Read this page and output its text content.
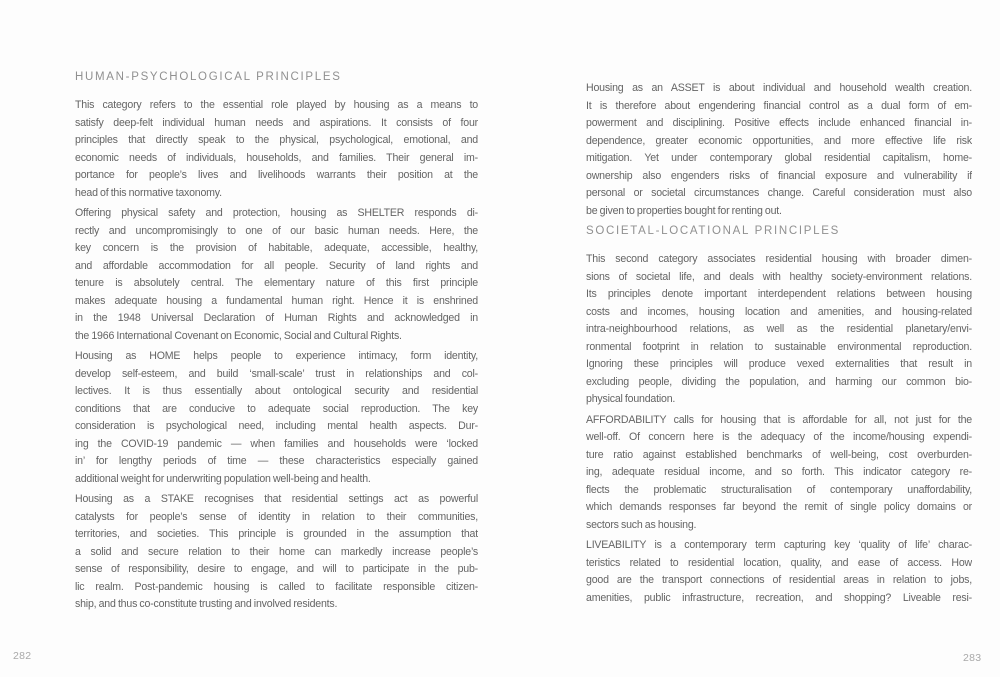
HUMAN-PSYCHOLOGICAL PRINCIPLES
This category refers to the essential role played by housing as a means to
satisfy deep-felt individual human needs and aspirations. It consists of four
principles that directly speak to the physical, psychological, emotional, and
economic needs of individuals, households, and families. Their general im-
portance for people’s lives and livelihoods warrants their position at the
head of this normative taxonomy.
Offering physical safety and protection, housing as SHELTER responds di-
rectly and uncompromisingly to one of our basic human needs. Here, the
key concern is the provision of habitable, adequate, accessible, healthy,
and affordable accommodation for all people. Security of land rights and
tenure is absolutely central. The elementary nature of this first principle
makes adequate housing a fundamental human right. Hence it is enshrined
in the 1948 Universal Declaration of Human Rights and acknowledged in
the 1966 International Covenant on Economic, Social and Cultural Rights.
Housing as HOME helps people to experience intimacy, form identity,
develop self-esteem, and build ‘small-scale’ trust in relationships and col-
lectives. It is thus essentially about ontological security and residential
conditions that are conducive to adequate social reproduction. The key
consideration is psychological need, including mental health aspects. Dur-
ing the COVID-19 pandemic — when families and households were ‘locked
in’ for lengthy periods of time — these characteristics especially gained
additional weight for underwriting population well-being and health.
Housing as a STAKE recognises that residential settings act as powerful
catalysts for people’s sense of identity in relation to their communities,
territories, and societies. This principle is grounded in the assumption that
a solid and secure relation to their home can markedly increase people’s
sense of responsibility, desire to engage, and will to participate in the pub-
lic realm. Post-pandemic housing is called to facilitate responsible citizen-
ship, and thus co-constitute trusting and involved residents.
Housing as an ASSET is about individual and household wealth creation.
It is therefore about engendering financial control as a dual form of em-
powerment and disciplining. Positive effects include enhanced financial in-
dependence, greater economic opportunities, and more effective life risk
mitigation. Yet under contemporary global residential capitalism, home-
ownership also engenders risks of financial exposure and vulnerability if
personal or societal circumstances change. Careful consideration must also
be given to properties bought for renting out.
SOCIETAL-LOCATIONAL PRINCIPLES
This second category associates residential housing with broader dimen-
sions of societal life, and deals with healthy society-environment relations.
Its principles denote important interdependent relations between housing
costs and incomes, housing location and amenities, and housing-related
intra-neighbourhood relations, as well as the residential planetary/envi-
ronmental footprint in relation to sustainable environmental reproduction.
Ignoring these principles will produce vexed externalities that result in
excluding people, dividing the population, and harming our common bio-
physical foundation.
AFFORDABILITY calls for housing that is affordable for all, not just for the
well-off. Of concern here is the adequacy of the income/housing expendi-
ture ratio against established benchmarks of well-being, cost overburden-
ing, adequate residual income, and so forth. This indicator category re-
flects the problematic structuralisation of contemporary unaffordability,
which demands responses far beyond the remit of single policy domains or
sectors such as housing.
LIVEABILITY is a contemporary term capturing key ‘quality of life’ charac-
teristics related to residential location, quality, and ease of access. How
good are the transport connections of residential areas in relation to jobs,
amenities, public infrastructure, recreation, and shopping? Liveable resi-
282	283
